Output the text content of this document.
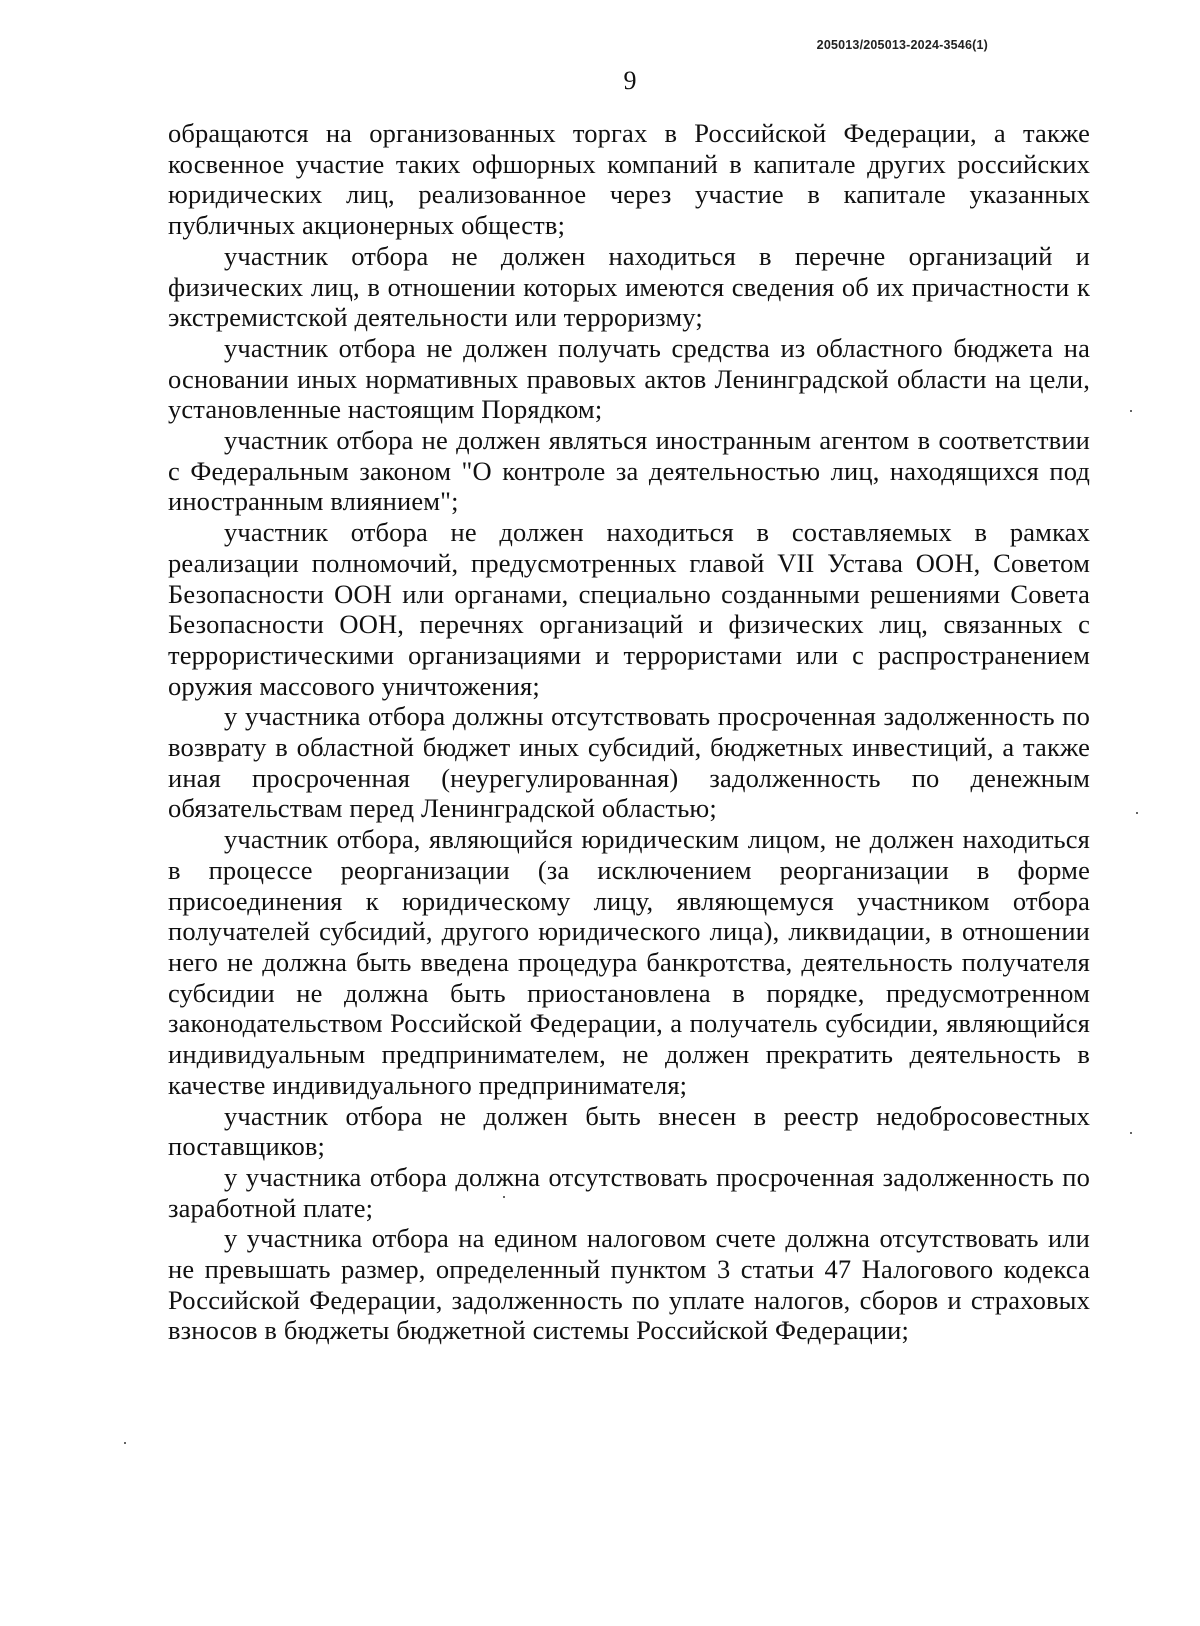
205013/205013-2024-3546(1)
9

обращаются на организованных торгах в Российской Федерации, а также косвенное участие таких офшорных компаний в капитале других российских юридических лиц, реализованное через участие в капитале указанных публичных акционерных обществ;

участник отбора не должен находиться в перечне организаций и физических лиц, в отношении которых имеются сведения об их причастности к экстремистской деятельности или терроризму;

участник отбора не должен получать средства из областного бюджета на основании иных нормативных правовых актов Ленинградской области на цели, установленные настоящим Порядком;

участник отбора не должен являться иностранным агентом в соответствии с Федеральным законом "О контроле за деятельностью лиц, находящихся под иностранным влиянием";

участник отбора не должен находиться в составляемых в рамках реализации полномочий, предусмотренных главой VII Устава ООН, Советом Безопасности ООН или органами, специально созданными решениями Совета Безопасности ООН, перечнях организаций и физических лиц, связанных с террористическими организациями и террористами или с распространением оружия массового уничтожения;

у участника отбора должны отсутствовать просроченная задолженность по возврату в областной бюджет иных субсидий, бюджетных инвестиций, а также иная просроченная (неурегулированная) задолженность по денежным обязательствам перед Ленинградской областью;

участник отбора, являющийся юридическим лицом, не должен находиться в процессе реорганизации (за исключением реорганизации в форме присоединения к юридическому лицу, являющемуся участником отбора получателей субсидий, другого юридического лица), ликвидации, в отношении него не должна быть введена процедура банкротства, деятельность получателя субсидии не должна быть приостановлена в порядке, предусмотренном законодательством Российской Федерации, а получатель субсидии, являющийся индивидуальным предпринимателем, не должен прекратить деятельность в качестве индивидуального предпринимателя;

участник отбора не должен быть внесен в реестр недобросовестных поставщиков;

у участника отбора должна отсутствовать просроченная задолженность по заработной плате;

у участника отбора на едином налоговом счете должна отсутствовать или не превышать размер, определенный пунктом 3 статьи 47 Налогового кодекса Российской Федерации, задолженность по уплате налогов, сборов и страховых взносов в бюджеты бюджетной системы Российской Федерации;
